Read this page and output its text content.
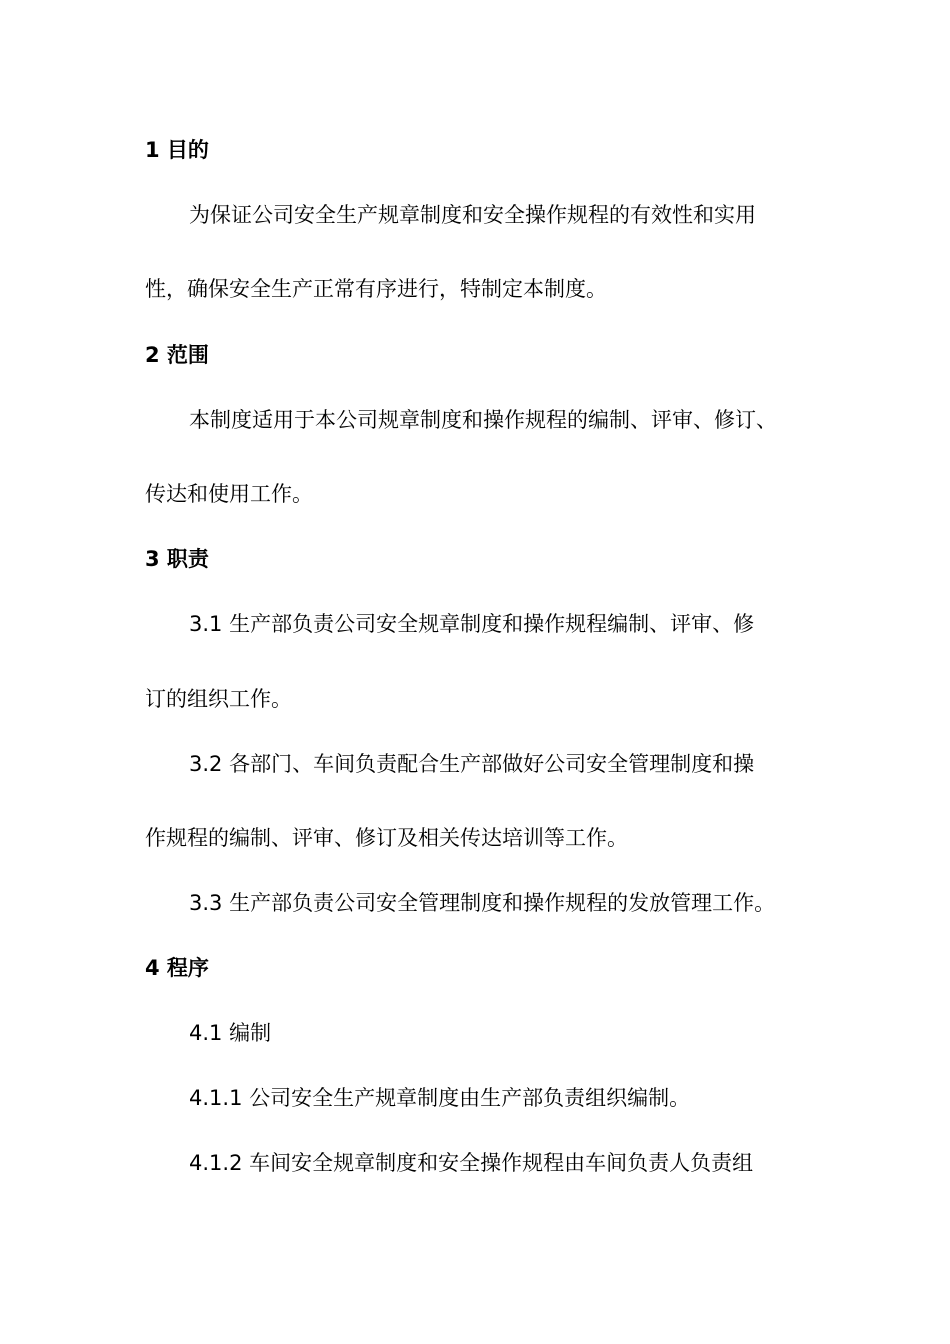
1 目的

为保证公司安全生产规章制度和安全操作规程的有效性和实用

性，确保安全生产正常有序进行，特制定本制度。

2 范围

本制度适用于本公司规章制度和操作规程的编制、评审、修订、

传达和使用工作。

3 职责

3.1 生产部负责公司安全规章制度和操作规程编制、评审、修

订的组织工作。

3.2 各部门、车间负责配合生产部做好公司安全管理制度和操

作规程的编制、评审、修订及相关传达培训等工作。

3.3 生产部负责公司安全管理制度和操作规程的发放管理工作。

4 程序

4.1 编制

4.1.1 公司安全生产规章制度由生产部负责组织编制。

4.1.2 车间安全规章制度和安全操作规程由车间负责人负责组
